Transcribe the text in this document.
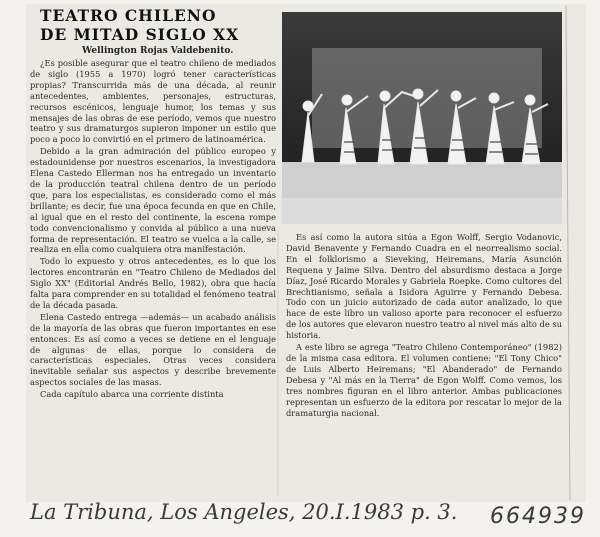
TEATRO CHILENO
DE MITAD SIGLO XX
Wellington Rojas Valdebenito.

¿Es posible asegurar que el teatro chileno de mediados de siglo (1955 a 1970) logró tener características propias? Transcurrida más de una década, al reunir antecedentes, ambientes, personajes, estructuras, recursos escénicos, lenguaje humor, los temas y sus mensajes de las obras de ese período, vemos que nuestro teatro y sus dramaturgos supieron imponer un estilo que poco a poco lo convirtió en el primero de latinoamérica.

Debido a la gran admiración del público europeo y estadounidense por nuestros escenarios, la investigadora Elena Castedo Ellerman nos ha entregado un inventario de la producción teatral chilena dentro de un período que, para los especialistas, es considerado como el más brillante; es decir, fue una época fecunda en que en Chile, al igual que en el resto del continente, la escena rompe todo convencionalismo y convida al público a una nueva forma de representación. El teatro se vuelca a la calle, se realiza en ella como cualquiera otra manifestación.

Todo lo expuesto y otros antecedentes, es lo que los lectores encontrarán en "Teatro Chileno de Mediados del Siglo XX" (Editorial Andrés Bello, 1982), obra que hacía falta para comprender en su totalidad el fenómeno teatral de la década pasada.

Elena Castedo entrega —además— un acabado análisis de la mayoría de las obras que fueron importantes en ese entonces. Es así como a veces se detiene en el lenguaje de algunas de ellas, porque lo considera de características especiales. Otras veces considera inevitable señalar sus aspectos y describe brevemente aspectos sociales de las masas.

Cada capítulo abarca una corriente distinta

Es así como la autora sitúa a Egon Wolff, Sergio Vodanovic, David Benavente y Fernando Cuadra en el neorrealismo social. En el folklorismo a Sieveking, Heiremans, María Asunción Requena y Jaime Silva. Dentro del absurdismo destaca a Jorge Díaz, José Ricardo Morales y Gabriela Roepke. Como cultores del Brechtianismo, señala a Isidora Aguirre y Fernando Debesa. Todo con un juicio autorizado de cada autor analizado, lo que hace de este libro un valioso aporte para reconocer el esfuerzo de los autores que elevaron nuestro teatro al nivel más alto de su historia.

A este libro se agrega "Teatro Chileno Contemporáneo" (1982) de la misma casa editora. El volumen contiene: "El Tony Chico" de Luis Alberto Heiremans; "El Abanderado" de Fernando Debesa y "Al más en la Tierra" de Egon Wolff. Como vemos, los tres nombres figuran en el libro anterior. Ambas publicaciones representan un esfuerzo de la editora por rescatar lo mejor de la dramaturgia nacional.

La Tribuna, Los Angeles, 20.I.1983 p. 3. 664939
